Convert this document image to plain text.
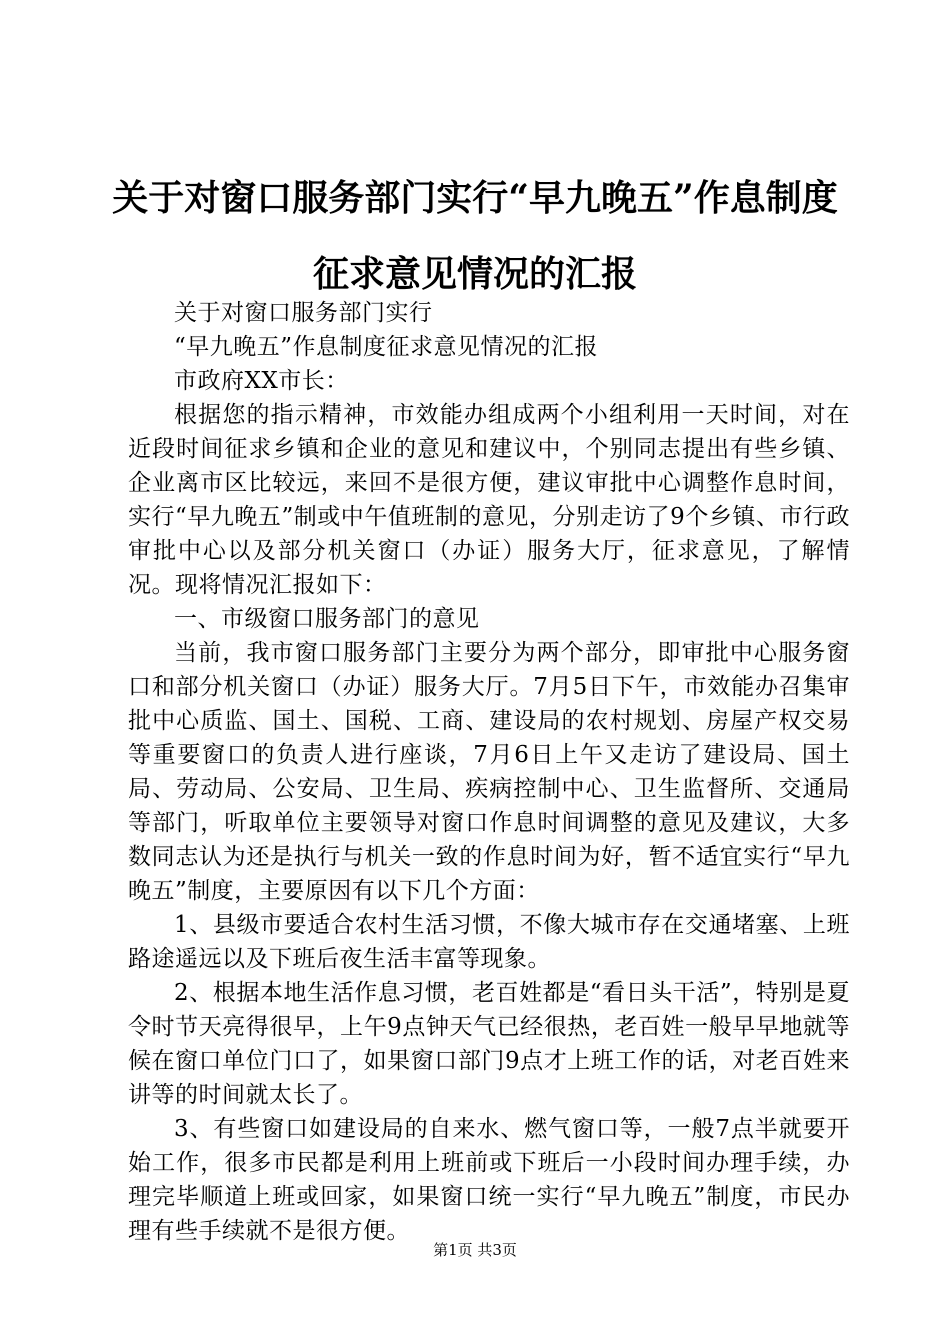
关于对窗口服务部门实行“早九晚五”作息制度征求意见情况的汇报

关于对窗口服务部门实行

“早九晚五”作息制度征求意见情况的汇报

市政府XX市长：

根据您的指示精神，市效能办组成两个小组利用一天时间，对在近段时间征求乡镇和企业的意见和建议中，个别同志提出有些乡镇、企业离市区比较远，来回不是很方便，建议审批中心调整作息时间，实行“早九晚五”制或中午值班制的意见，分别走访了9个乡镇、市行政审批中心以及部分机关窗口（办证）服务大厅，征求意见，了解情况。现将情况汇报如下：

一、市级窗口服务部门的意见

当前，我市窗口服务部门主要分为两个部分，即审批中心服务窗口和部分机关窗口（办证）服务大厅。7月5日下午，市效能办召集审批中心质监、国土、国税、工商、建设局的农村规划、房屋产权交易等重要窗口的负责人进行座谈，7月6日上午又走访了建设局、国土局、劳动局、公安局、卫生局、疾病控制中心、卫生监督所、交通局等部门，听取单位主要领导对窗口作息时间调整的意见及建议，大多数同志认为还是执行与机关一致的作息时间为好，暂不适宜实行“早九晚五”制度，主要原因有以下几个方面：

1、县级市要适合农村生活习惯，不像大城市存在交通堵塞、上班路途遥远以及下班后夜生活丰富等现象。

2、根据本地生活作息习惯，老百姓都是“看日头干活”，特别是夏令时节天亮得很早，上午9点钟天气已经很热，老百姓一般早早地就等候在窗口单位门口了，如果窗口部门9点才上班工作的话，对老百姓来讲等的时间就太长了。

3、有些窗口如建设局的自来水、燃气窗口等，一般7点半就要开始工作，很多市民都是利用上班前或下班后一小段时间办理手续，办理完毕顺道上班或回家，如果窗口统一实行“早九晚五”制度，市民办理有些手续就不是很方便。

第1页 共3页
